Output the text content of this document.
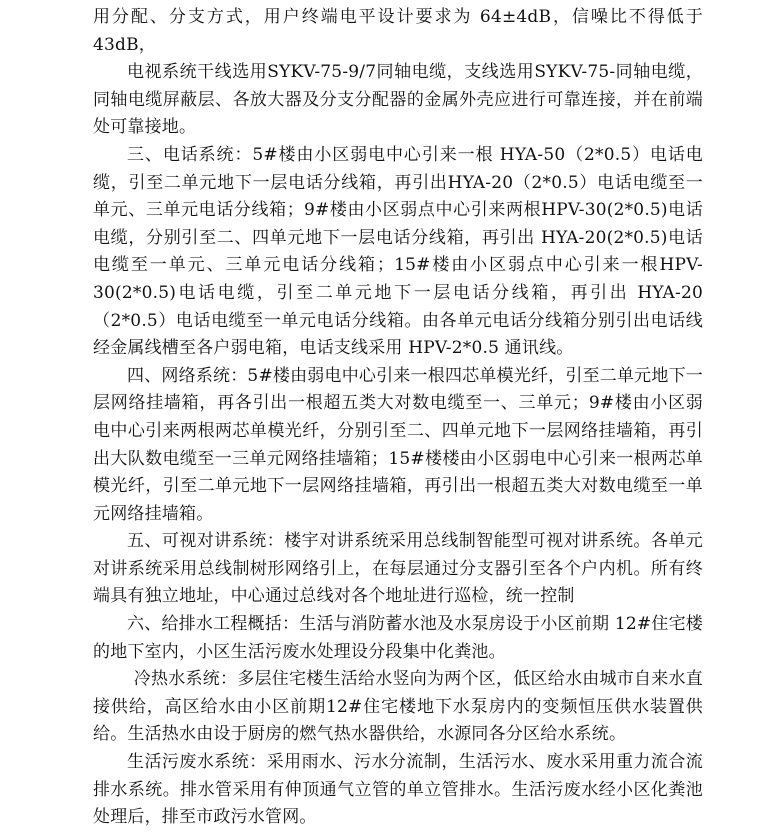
用分配、分支方式，用户终端电平设计要求为 64±4dB，信噪比不得低于43dB，

电视系统干线选用SYKV-75-9/7同轴电缆，支线选用SYKV-75-同轴电缆，同轴电缆屏蔽层、各放大器及分支分配器的金属外壳应进行可靠连接，并在前端处可靠接地。

三、电话系统：5#楼由小区弱电中心引来一根 HYA-50（2*0.5）电话电缆，引至二单元地下一层电话分线箱，再引出HYA-20（2*0.5）电话电缆至一单元、三单元电话分线箱；9#楼由小区弱点中心引来两根HPV-30(2*0.5)电话电缆，分别引至二、四单元地下一层电话分线箱，再引出 HYA-20(2*0.5)电话电缆至一单元、三单元电话分线箱；15#楼由小区弱点中心引来一根HPV-30(2*0.5)电话电缆，引至二单元地下一层电话分线箱，再引出 HYA-20（2*0.5）电话电缆至一单元电话分线箱。由各单元电话分线箱分别引出电话线经金属线槽至各户弱电箱，电话支线采用 HPV-2*0.5 通讯线。

四、网络系统：5#楼由弱电中心引来一根四芯单模光纤，引至二单元地下一层网络挂墙箱，再各引出一根超五类大对数电缆至一、三单元；9#楼由小区弱电中心引来两根两芯单模光纤，分别引至二、四单元地下一层网络挂墙箱，再引出大队数电缆至一三单元网络挂墙箱；15#楼楼由小区弱电中心引来一根两芯单模光纤，引至二单元地下一层网络挂墙箱，再引出一根超五类大对数电缆至一单元网络挂墙箱。

五、可视对讲系统：楼宇对讲系统采用总线制智能型可视对讲系统。各单元对讲系统采用总线制树形网络引上，在每层通过分支器引至各个户内机。所有终端具有独立地址，中心通过总线对各个地址进行巡检，统一控制

六、给排水工程概括：生活与消防蓄水池及水泵房设于小区前期 12#住宅楼的地下室内，小区生活污废水处理设分段集中化粪池。

冷热水系统：多层住宅楼生活给水竖向为两个区，低区给水由城市自来水直接供给，高区给水由小区前期12#住宅楼地下水泵房内的变频恒压供水装置供给。生活热水由设于厨房的燃气热水器供给，水源同各分区给水系统。

生活污废水系统：采用雨水、污水分流制，生活污水、废水采用重力流合流排水系统。排水管采用有伸顶通气立管的单立管排水。生活污废水经小区化粪池处理后，排至市政污水管网。
